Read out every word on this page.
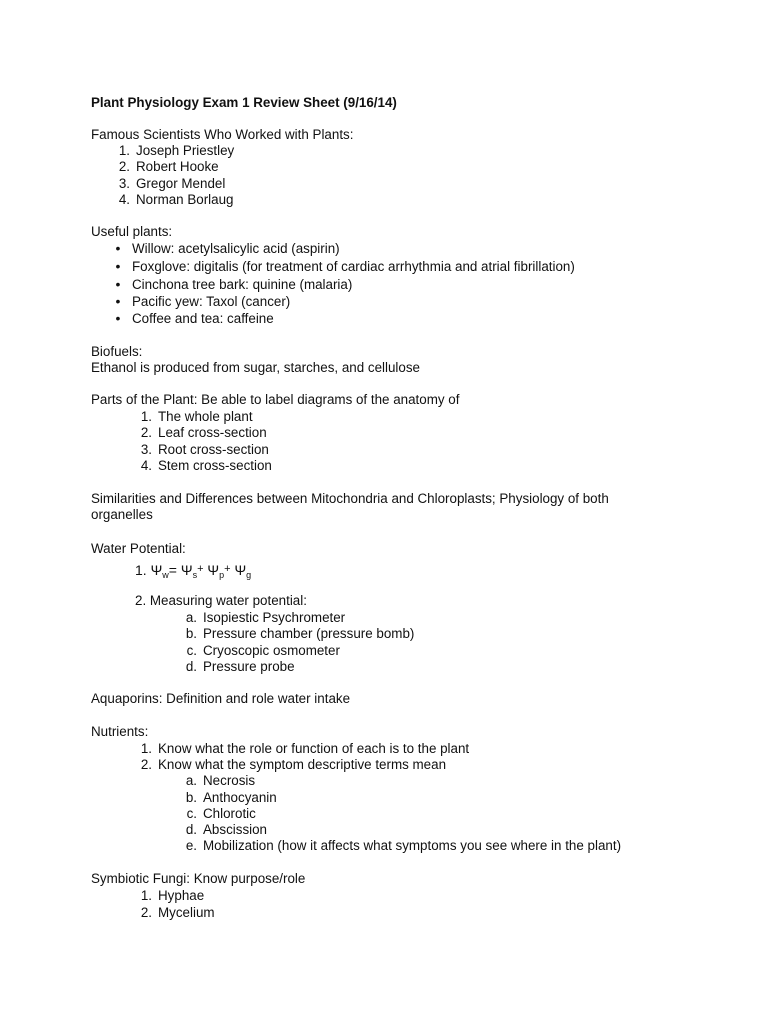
Plant Physiology Exam 1 Review Sheet (9/16/14)
Famous Scientists Who Worked with Plants:
1. Joseph Priestley
2. Robert Hooke
3. Gregor Mendel
4. Norman Borlaug
Useful plants:
• Willow: acetylsalicylic acid (aspirin)
• Foxglove: digitalis (for treatment of cardiac arrhythmia and atrial fibrillation)
• Cinchona tree bark: quinine (malaria)
• Pacific yew: Taxol (cancer)
• Coffee and tea: caffeine
Biofuels:
Ethanol is produced from sugar, starches, and cellulose
Parts of the Plant: Be able to label diagrams of the anatomy of
1. The whole plant
2. Leaf cross-section
3. Root cross-section
4. Stem cross-section
Similarities and Differences between Mitochondria and Chloroplasts; Physiology of both
organelles
Water Potential:
1. $\Psi_w= \Psi_s^+$ $\Psi_p^+$ $\Psi_g$
2. Measuring water potential:
a. Isopiestic Psychrometer
b. Pressure chamber (pressure bomb)
c. Cryoscopic osmometer
d. Pressure probe
Aquaporins: Definition and role water intake
Nutrients:
1. Know what the role or function of each is to the plant
2. Know what the symptom descriptive terms mean
a. Necrosis
b. Anthocyanin
c. Chlorotic
d. Abscission
e. Mobilization (how it affects what symptoms you see where in the plant)
Symbiotic Fungi: Know purpose/role
1. Hyphae
2. Mycelium
